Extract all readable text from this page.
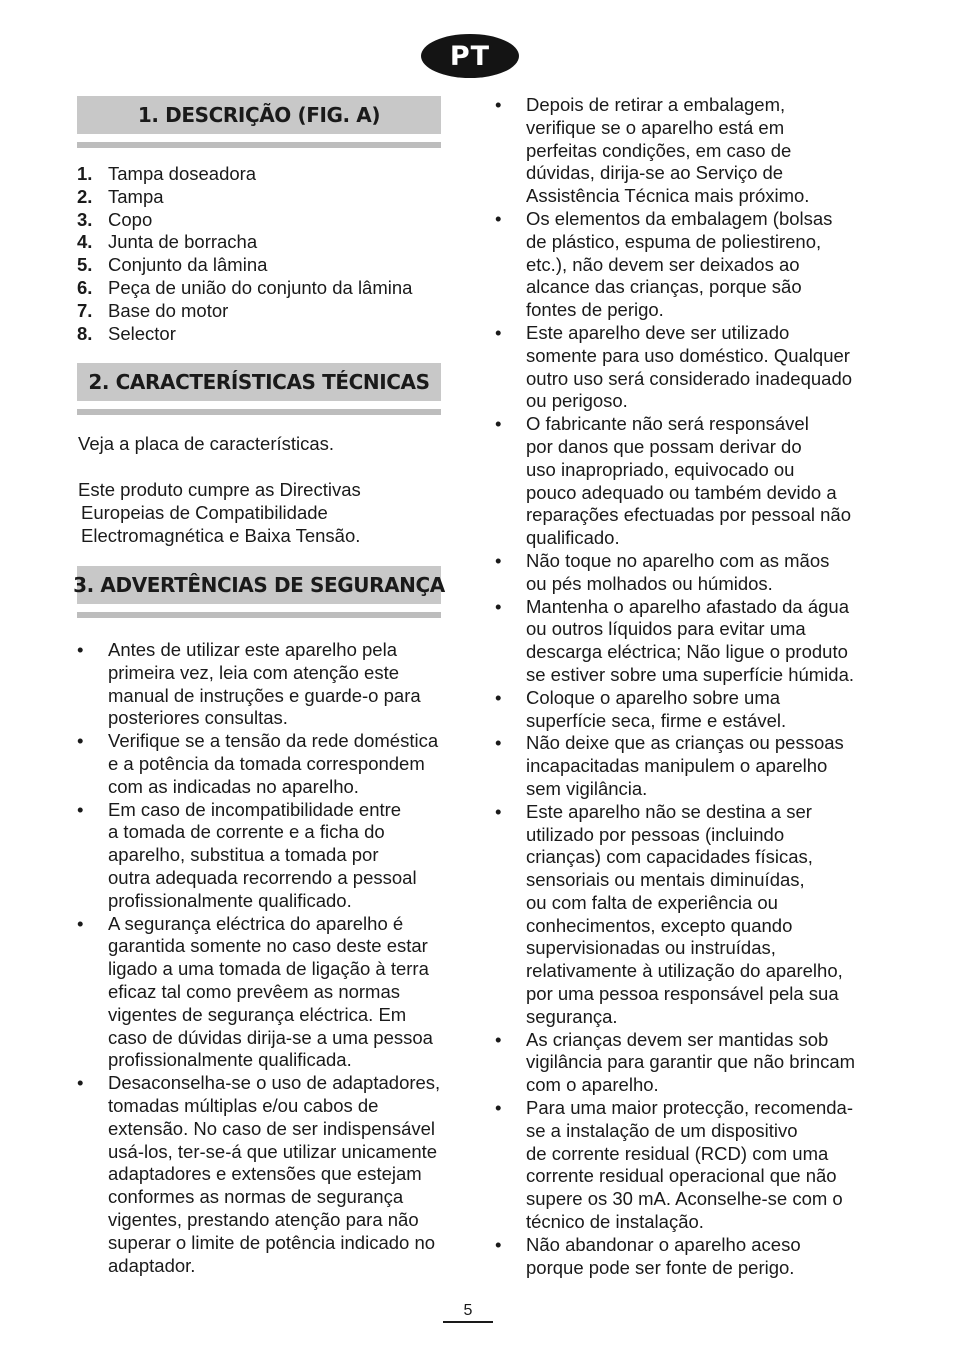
PT
1. DESCRIÇÃO (FIG. A)
1. Tampa doseadora
2. Tampa
3. Copo
4. Junta de borracha
5. Conjunto da lâmina
6. Peça de união do conjunto da lâmina
7. Base do motor
8. Selector
2. CARACTERÍSTICAS TÉCNICAS
Veja a placa de características.
Este produto cumpre as Directivas
Europeias de Compatibilidade
Electromagnética e Baixa Tensão.
3. ADVERTÊNCIAS DE SEGURANÇA
• Antes de utilizar este aparelho pela
primeira vez, leia com atenção este
manual de instruções e guarde-o para
posteriores consultas.
• Verifique se a tensão da rede doméstica
e a potência da tomada correspondem
com as indicadas no aparelho.
• Em caso de incompatibilidade entre
a tomada de corrente e a ficha do
aparelho, substitua a tomada por
outra adequada recorrendo a pessoal
profissionalmente qualificado.
• A segurança eléctrica do aparelho é
garantida somente no caso deste estar
ligado a uma tomada de ligação à terra
eficaz tal como prevêem as normas
vigentes de segurança eléctrica. Em
caso de dúvidas dirija-se a uma pessoa
profissionalmente qualificada.
• Desaconselha-se o uso de adaptadores,
tomadas múltiplas e/ou cabos de
extensão. No caso de ser indispensável
usá-los, ter-se-á que utilizar unicamente
adaptadores e extensões que estejam
conformes as normas de segurança
vigentes, prestando atenção para não
superar o limite de potência indicado no
adaptador.
• Depois de retirar a embalagem,
verifique se o aparelho está em
perfeitas condições, em caso de
dúvidas, dirija-se ao Serviço de
Assistência Técnica mais próximo.
• Os elementos da embalagem (bolsas
de plástico, espuma de poliestireno,
etc.), não devem ser deixados ao
alcance das crianças, porque são
fontes de perigo.
• Este aparelho deve ser utilizado
somente para uso doméstico. Qualquer
outro uso será considerado inadequado
ou perigoso.
• O fabricante não será responsável
por danos que possam derivar do
uso inapropriado, equivocado ou
pouco adequado ou também devido a
reparações efectuadas por pessoal não
qualificado.
• Não toque no aparelho com as mãos
ou pés molhados ou húmidos.
• Mantenha o aparelho afastado da água
ou outros líquidos para evitar uma
descarga eléctrica; Não ligue o produto
se estiver sobre uma superfície húmida.
• Coloque o aparelho sobre uma
superfície seca, firme e estável.
• Não deixe que as crianças ou pessoas
incapacitadas manipulem o aparelho
sem vigilância.
• Este aparelho não se destina a ser
utilizado por pessoas (incluindo
crianças) com capacidades físicas,
sensoriais ou mentais diminuídas,
ou com falta de experiência ou
conhecimentos, excepto quando
supervisionadas ou instruídas,
relativamente à utilização do aparelho,
por uma pessoa responsável pela sua
segurança.
• As crianças devem ser mantidas sob
vigilância para garantir que não brincam
com o aparelho.
• Para uma maior protecção, recomenda-
se a instalação de um dispositivo
de corrente residual (RCD) com uma
corrente residual operacional que não
supere os 30 mA. Aconselhe-se com o
técnico de instalação.
• Não abandonar o aparelho aceso
porque pode ser fonte de perigo.
5
